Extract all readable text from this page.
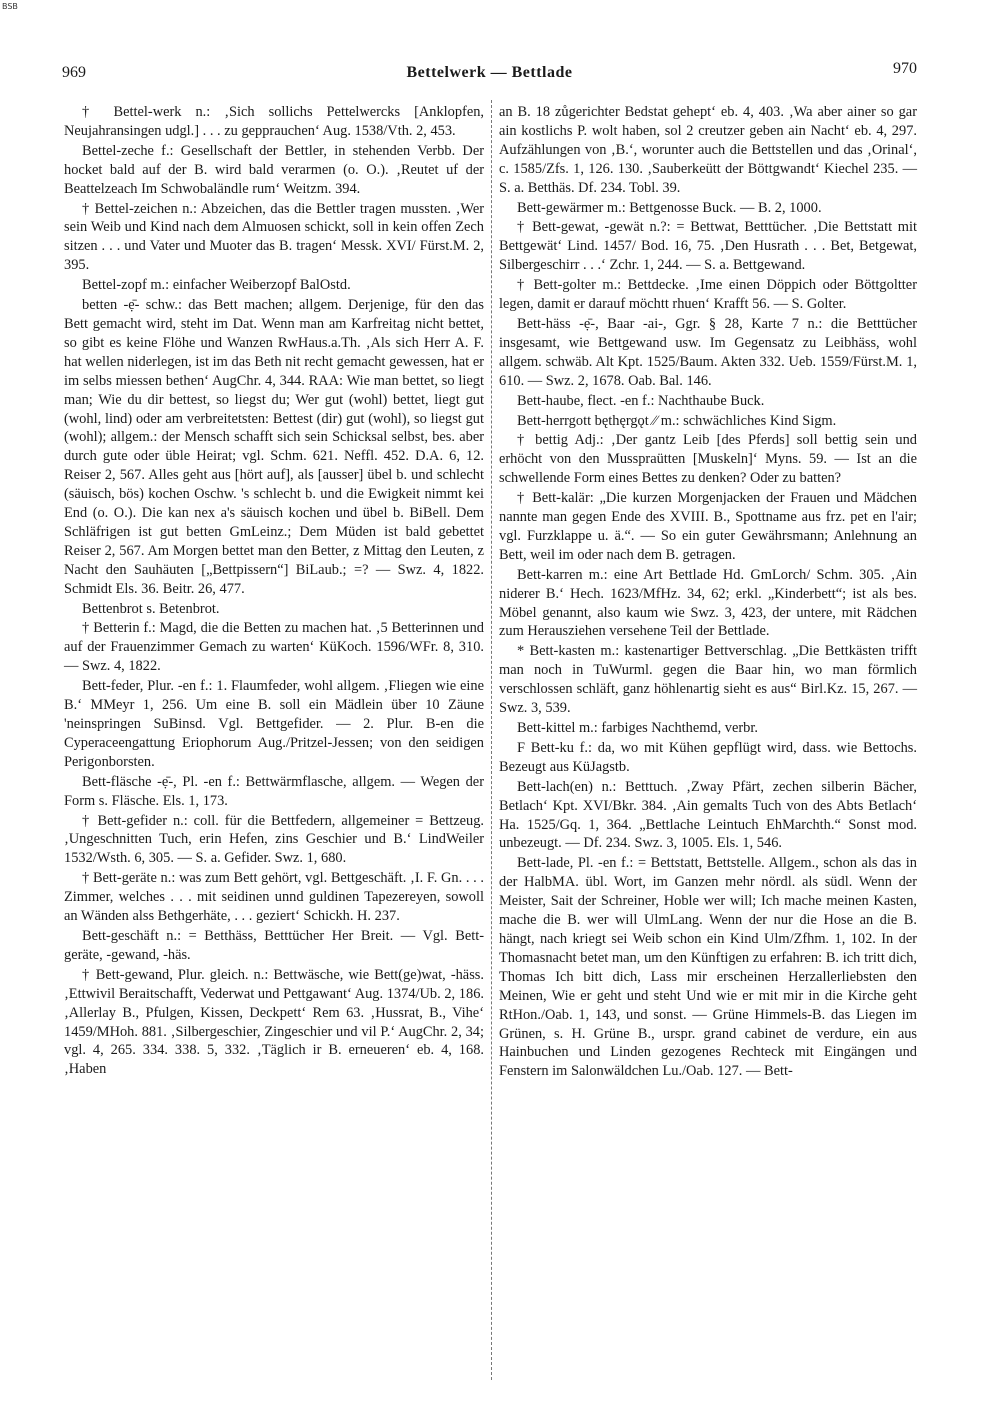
BSB
969	Bettelwerk — Bettlade	970

† Bettel-werk n.: ‚Sich sollichs Pettelwercks [Anklopfen, Neujahransingen udgl.] . . . zu gepprauchen‘ Aug. 1538/Vth. 2, 453.

Bettel-zeche f.: Gesellschaft der Bettler, in stehenden Verbb. Der hocket bald auf der B. wird bald verarmen (o. O.). ‚Reutet uf der Beattelzeach Im Schwobaländle rum‘ Weitzm. 394.

† Bettel-zeichen n.: Abzeichen, das die Bettler tragen mussten. ‚Wer sein Weib und Kind nach dem Almuosen schickt, soll in kein offen Zech sitzen . . . und Vater und Muoter das B. tragen‘ Messk. XVI/ Fürst.M. 2, 395.

Bettel-zopf m.: einfacher Weiberzopf BalOstd.

betten -ẹ̄- schw.: das Bett machen; allgem. Derjenige, für den das Bett gemacht wird, steht im Dat. Wenn man am Karfreitag nicht bettet, so gibt es keine Flöhe und Wanzen RwHaus.a.Th. ‚Als sich Herr A. F. hat wellen niderlegen, ist im das Beth nit recht gemacht gewessen, hat er im selbs miessen bethen‘ AugChr. 4, 344. RAA: Wie man bettet, so liegt man; Wie du dir bettest, so liegst du; Wer gut (wohl) bettet, liegt gut (wohl, lind) oder am verbreitetsten: Bettest (dir) gut (wohl), so liegst gut (wohl); allgem.: der Mensch schafft sich sein Schicksal selbst, bes. aber durch gute oder üble Heirat; vgl. Schm. 621. Neffl. 452. D.A. 6, 12. Reiser 2, 567. Alles geht aus [hört auf], als [ausser] übel b. und schlecht (säuisch, bös) kochen Oschw. 's schlecht b. und die Ewigkeit nimmt kei End (o. O.). Die kan nex a's säuisch kochen und übel b. BiBell. Dem Schläfrigen ist gut betten GmLeinz.; Dem Müden ist bald gebettet Reiser 2, 567. Am Morgen bettet man den Better, z Mittag den Leuten, z Nacht den Sauhäuten [„Bettpissern“] BiLaub.; =? — Swz. 4, 1822. Schmidt Els. 36. Beitr. 26, 477.

Bettenbrot s. Betenbrot.

† Betterin f.: Magd, die die Betten zu machen hat. ‚5 Betterinnen und auf der Frauenzimmer Gemach zu warten‘ KüKoch. 1596/WFr. 8, 310. — Swz. 4, 1822.

Bett-feder, Plur. -en f.: 1. Flaumfeder, wohl allgem. ‚Fliegen wie eine B.‘ MMeyr 1, 256. Um eine B. soll ein Mädlein über 10 Zäune 'neinspringen SuBinsd. Vgl. Bettgefider. — 2. Plur. B-en die Cyperaceengattung Eriophorum Aug./Pritzel-Jessen; von den seidigen Perigonborsten.

Bett-fläsche -ẹ̄-, Pl. -en f.: Bettwärmflasche, allgem. — Wegen der Form s. Fläsche. Els. 1, 173.

† Bett-gefider n.: coll. für die Bettfedern, allgemeiner = Bettzeug. ‚Ungeschnitten Tuch, erin Hefen, zins Geschier und B.‘ LindWeiler 1532/Wsth. 6, 305. — S. a. Gefider. Swz. 1, 680.

† Bett-geräte n.: was zum Bett gehört, vgl. Bettgeschäft. ‚I. F. Gn. . . . Zimmer, welches . . . mit seidinen unnd guldinen Tapezereyen, sowoll an Wänden alss Bethgerhäte, . . . geziert‘ Schickh. H. 237.

Bett-geschäft n.: = Betthäss, Betttücher Her Breit. — Vgl. Bett-geräte, -gewand, -häs.

† Bett-gewand, Plur. gleich. n.: Bettwäsche, wie Bett(ge)wat, -häss. ‚Ettwivil Beraitschafft, Vederwat und Pettgawant‘ Aug. 1374/Ub. 2, 186. ‚Allerlay B., Pfulgen, Kissen, Deckpett‘ Rem 63. ‚Hussrat, B., Vihe‘ 1459/MHoh. 881. ‚Silbergeschier, Zingeschier und vil P.‘ AugChr. 2, 34; vgl. 4, 265. 334. 338. 5, 332. ‚Täglich ir B. erneueren‘ eb. 4, 168. ‚Haben

an B. 18 zůgerichter Bedstat gehept‘ eb. 4, 403. ‚Wa aber ainer so gar ain kostlichs P. wolt haben, sol 2 creutzer geben ain Nacht‘ eb. 4, 297. Aufzählungen von ‚B.‘, worunter auch die Bettstellen und das ‚Orinal‘, c. 1585/Zfs. 1, 126. 130. ‚Sauberkeütt der Böttgwandt‘ Kiechel 235. — S. a. Betthäs. Df. 234. Tobl. 39.

Bett-gewärmer m.: Bettgenosse Buck. — B. 2, 1000.

† Bett-gewat, -gewät n.?: = Bettwat, Betttücher. ‚Die Bettstatt mit Bettgewät‘ Lind. 1457/ Bod. 16, 75. ‚Den Husrath . . . Bet, Betgewat, Silbergeschirr . . .‘ Zchr. 1, 244. — S. a. Bettgewand.

† Bett-golter m.: Bettdecke. ‚Ime einen Döppich oder Böttgoltter legen, damit er darauf möchtt rhuen‘ Krafft 56. — S. Golter.

Bett-häss -ẹ̄-, Baar -ai-, Ggr. § 28, Karte 7 n.: die Betttücher insgesamt, wie Bettgewand usw. Im Gegensatz zu Leibhäss, wohl allgem. schwäb. Alt Kpt. 1525/Baum. Akten 332. Ueb. 1559/Fürst.M. 1, 610. — Swz. 2, 1678. Oab. Bal. 146.

Bett-haube, flect. -en f.: Nachthaube Buck.

Bett-herrgott bęthęrgǫt ∕∕ m.: schwächliches Kind Sigm.

† bettig Adj.: ‚Der gantz Leib [des Pferds] soll bettig sein und erhöcht von den Musspraütten [Muskeln]‘ Myns. 59. — Ist an die schwellende Form eines Bettes zu denken? Oder zu batten?

† Bett-kalär: „Die kurzen Morgenjacken der Frauen und Mädchen nannte man gegen Ende des XVIII. B., Spottname aus frz. pet en l'air; vgl. Furzklappe u. ä.“. — So ein guter Gewährsmann; Anlehnung an Bett, weil im oder nach dem B. getragen.

Bett-karren m.: eine Art Bettlade Hd. GmLorch/ Schm. 305. ‚Ain niderer B.‘ Hech. 1623/MfHz. 34, 62; erkl. „Kinderbett“; ist als bes. Möbel genannt, also kaum wie Swz. 3, 423, der untere, mit Rädchen zum Herausziehen versehene Teil der Bettlade.

* Bett-kasten m.: kastenartiger Bettverschlag. „Die Bettkästen trifft man noch in TuWurml. gegen die Baar hin, wo man förmlich verschlossen schläft, ganz höhlenartig sieht es aus“ Birl.Kz. 15, 267. — Swz. 3, 539.

Bett-kittel m.: farbiges Nachthemd, verbr.

F Bett-ku f.: da, wo mit Kühen gepflügt wird, dass. wie Bettochs. Bezeugt aus KüJagstb.

Bett-lach(en) n.: Betttuch. ‚Zway Pfärt, zechen silberin Bächer, Betlach‘ Kpt. XVI/Bkr. 384. ‚Ain gemalts Tuch von des Abts Betlach‘ Ha. 1525/Gq. 1, 364. „Bettlache Leintuch EhMarchth.“ Sonst mod. unbezeugt. — Df. 234. Swz. 3, 1005. Els. 1, 546.

Bett-lade, Pl. -en f.: = Bettstatt, Bettstelle. Allgem., schon als das in der HalbMA. übl. Wort, im Ganzen mehr nördl. als südl. Wenn der Meister, Sait der Schreiner, Hoble wer will; Ich mache meinen Kasten, mache die B. wer will UlmLang. Wenn der nur die Hose an die B. hängt, nach kriegt sei Weib schon ein Kind Ulm/Zfhm. 1, 102. In der Thomasnacht betet man, um den Künftigen zu erfahren: B. ich tritt dich, Thomas Ich bitt dich, Lass mir erscheinen Herzallerliebsten den Meinen, Wie er geht und steht Und wie er mit mir in die Kirche geht RtHon./Oab. 1, 143, und sonst. — Grüne Himmels-B. das Liegen im Grünen, s. H. Grüne B., urspr. grand cabinet de verdure, ein aus Hainbuchen und Linden gezogenes Rechteck mit Eingängen und Fenstern im Salonwäldchen Lu./Oab. 127. — Bett-
